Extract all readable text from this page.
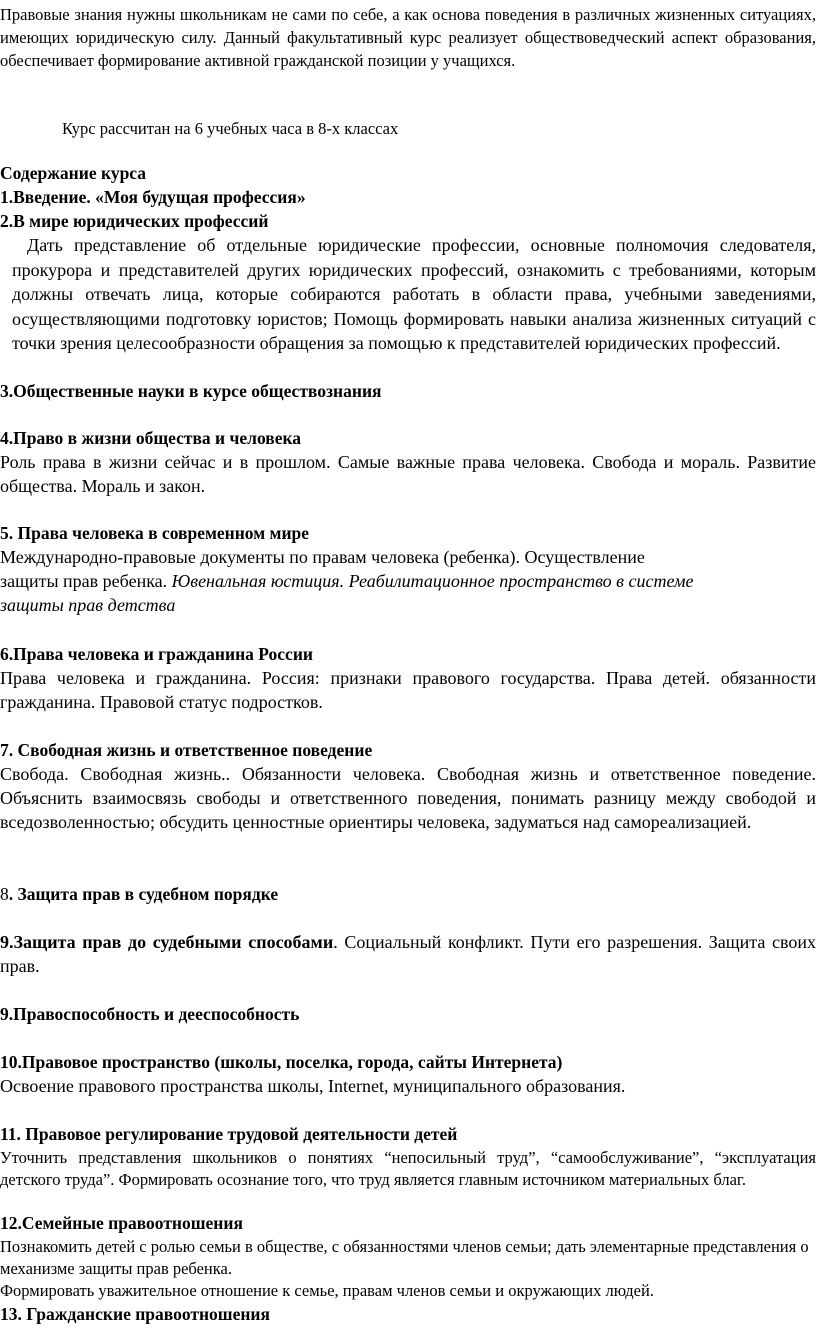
Правовые знания нужны школьникам не сами по себе, а как основа поведения в различных жизненных ситуациях, имеющих юридическую силу. Данный факультативный курс реализует обществоведческий аспект образования, обеспечивает формирование активной гражданской позиции у учащихся.

Курс рассчитан на 6 учебных часа в 8-х классах

Содержание курса
1.Введение. «Моя будущая профессия»
2.В мире юридических профессий

Дать представление об отдельные юридические профессии, основные полномочия следователя, прокурора и представителей других юридических профессий, ознакомить с требованиями, которым должны отвечать лица, которые собираются работать в области права, учебными заведениями, осуществляющими подготовку юристов; Помощь формировать навыки анализа жизненных ситуаций с точки зрения целесообразности обращения за помощью к представителей юридических профессий.

3.Общественные науки в курсе обществознания
4.Право в жизни общества и человека

Роль права в жизни сейчас и в прошлом. Самые важные права человека. Свобода и мораль. Развитие общества. Мораль и закон.

5. Права человека в современном мире
Международно-правовые документы по правам человека (ребенка). Осуществление
защиты прав ребенка. Ювенальная юстиция. Реабилитационное пространство в системе
защиты прав детства
6.Права человека и гражданина России

Права человека и гражданина. Россия: признаки правового государства. Права детей. обязанности гражданина. Правовой статус подростков.

7. Свободная жизнь и ответственное поведение

Свобода. Свободная жизнь.. Обязанности человека. Свободная жизнь и ответственное поведение. Объяснить взаимосвязь свободы и ответственного поведения, понимать разницу между свободой и вседозволенностью; обсудить ценностные ориентиры человека, задуматься над самореализацией.

8. Защита прав в судебном порядке

9.Защита прав до судебными способами. Социальный конфликт. Пути его разрешения. Защита своих прав.

9.Правоспособность и дееспособность
10.Правовое пространство (школы, поселка, города, сайты Интернета)

Освоение правового пространства школы, Internet, муниципального образования.

11. Правовое регулирование трудовой деятельности детей

Уточнить представления школьников о понятиях “непосильный труд”, “самообслуживание”, “эксплуатация детского труда”. Формировать осознание того, что труд является главным источником материальных благ.

12.Семейные правоотношения

Познакомить детей с ролью семьи в обществе, с обязанностями членов семьи; дать элементарные представления о механизме защиты прав ребенка.

Формировать уважительное отношение к семье, правам членов семьи и окружающих людей.

13. Гражданские правоотношения
